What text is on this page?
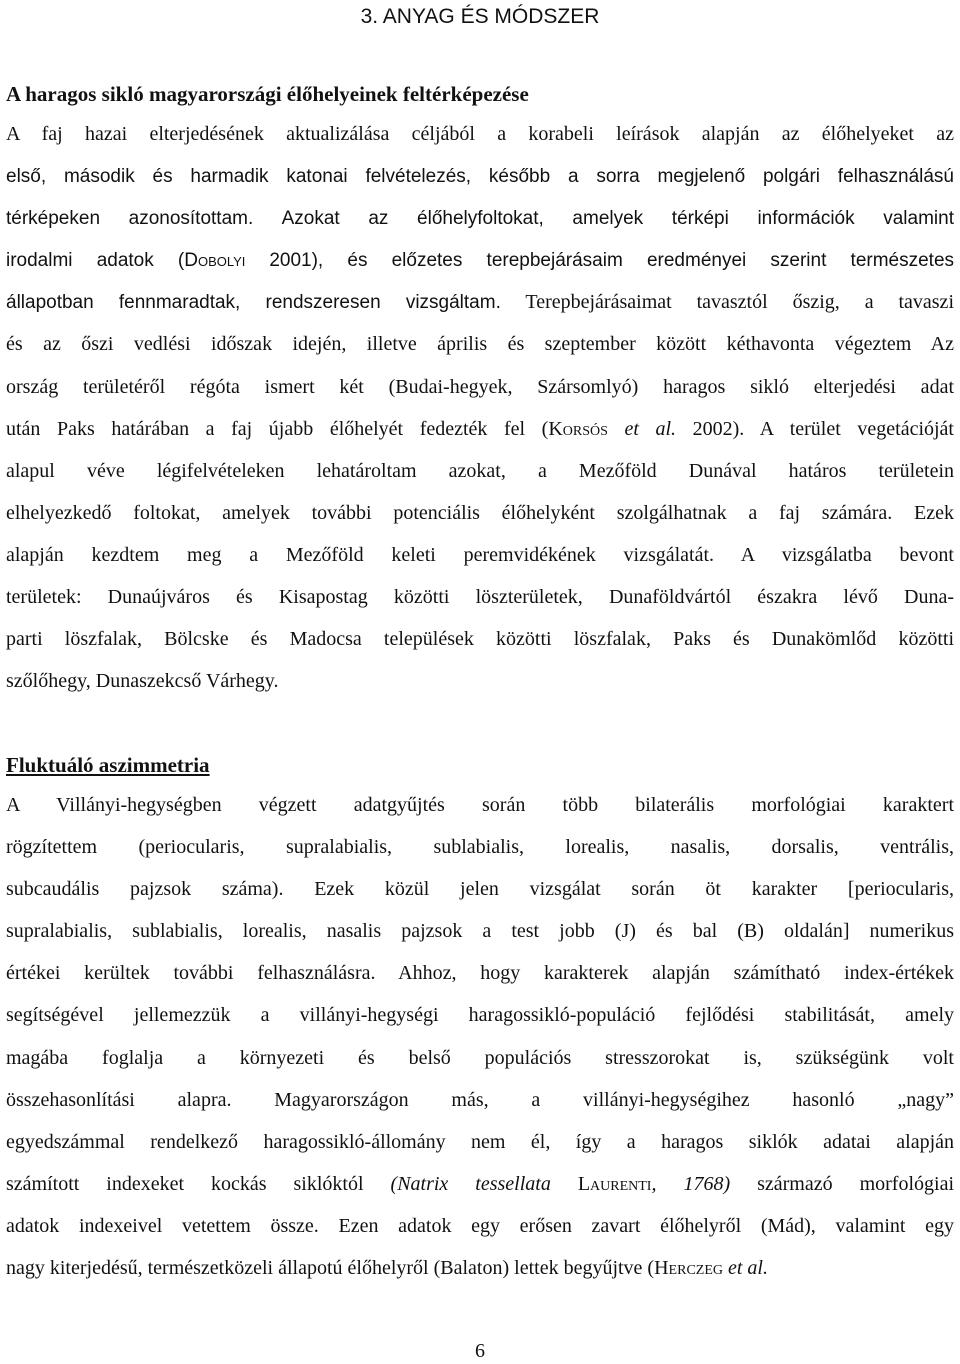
3. ANYAG ÉS MÓDSZER
A haragos sikló magyarországi élőhelyeinek feltérképezése
A faj hazai elterjedésének aktualizálása céljából a korabeli leírások alapján az élőhelyeket az
első, második és harmadik katonai felvételezés, később a sorra megjelenő polgári felhasználású
térképeken azonosítottam. Azokat az élőhelyfoltokat, amelyek térképi információk valamint
irodalmi adatok (Dobolyi 2001), és előzetes terepbejárásaim eredményei szerint természetes
állapotban fennmaradtak, rendszeresen vizsgáltam. Terepbejárásaimat tavasztól őszig, a tavaszi
és az őszi vedlési időszak idején, illetve április és szeptember között kéthavonta végeztem Az
ország területéről régóta ismert két (Budai-hegyek, Szársomlyó) haragos sikló elterjedési adat
után Paks határában a faj újabb élőhelyét fedezték fel (Korsós et al. 2002). A terület vegetációját
alapul véve légifelvételeken lehatároltam azokat, a Mezőföld Dunával határos területein
elhelyezkedő foltokat, amelyek további potenciális élőhelyként szolgálhatnak a faj számára. Ezek
alapján kezdtem meg a Mezőföld keleti peremvidékének vizsgálatát. A vizsgálatba bevont
területek: Dunaújváros és Kisapostag közötti löszterületek, Dunaföldvártól északra lévő Duna-
parti löszfalak, Bölcske és Madocsa települések közötti löszfalak, Paks és Dunakömlőd közötti
szőlőhegy, Dunaszekcső Várhegy.
Fluktuáló aszimmetria
A Villányi-hegységben végzett adatgyűjtés során több bilaterális morfológiai karaktert
rögzítettem (periocularis, supralabialis, sublabialis, lorealis, nasalis, dorsalis, ventrális,
subcaudális pajzsok száma). Ezek közül jelen vizsgálat során öt karakter [periocularis,
supralabialis, sublabialis, lorealis, nasalis pajzsok a test jobb (J) és bal (B) oldalán] numerikus
értékei kerültek további felhasználásra. Ahhoz, hogy karakterek alapján számítható index-értékek
segítségével jellemezzük a villányi-hegységi haragossikló-populáció fejlődési stabilitását, amely
magába foglalja a környezeti és belső populációs stresszorokat is, szükségünk volt
összehasonlítási alapra. Magyarországon más, a villányi-hegységihez hasonló „nagy”
egyedszámmal rendelkező haragossikló-állomány nem él, így a haragos siklók adatai alapján
számított indexeket kockás siklóktól (Natrix tessellata Laurenti, 1768) származó morfológiai
adatok indexeivel vetettem össze. Ezen adatok egy erősen zavart élőhelyről (Mád), valamint egy
nagy kiterjedésű, természetközeli állapotú élőhelyről (Balaton) lettek begyűjtve (Herczeg et al.
6
